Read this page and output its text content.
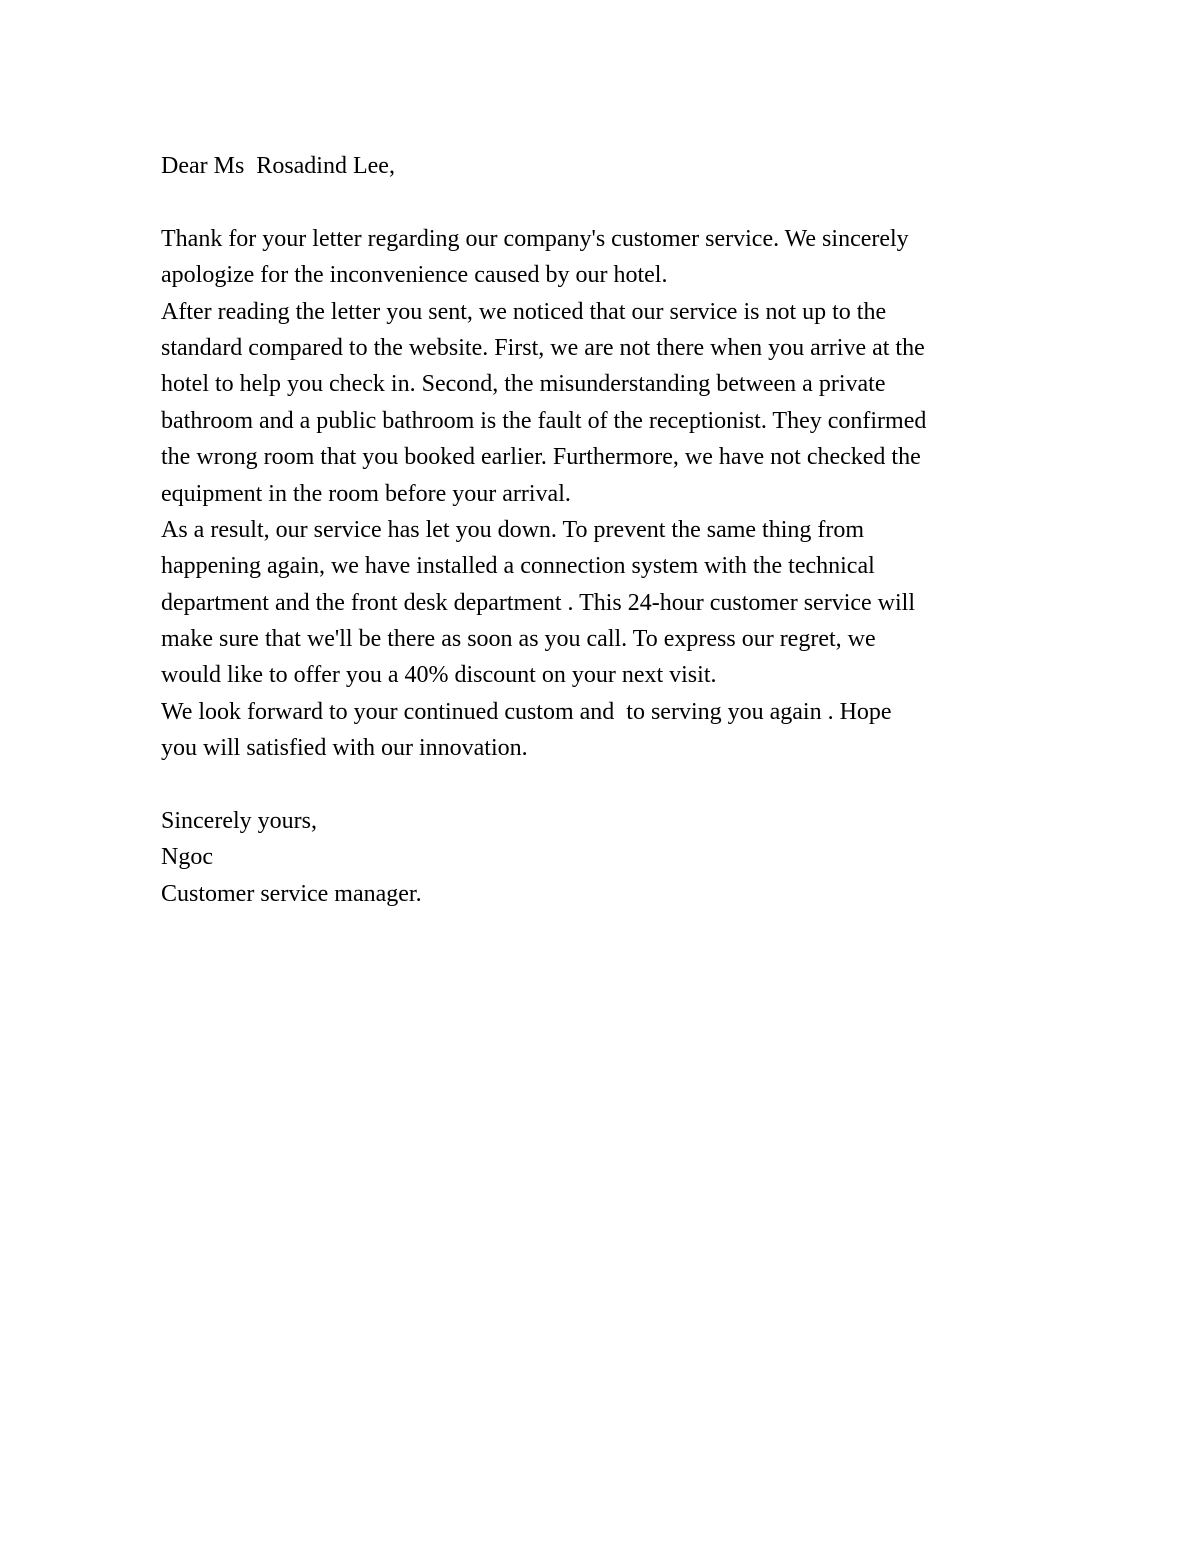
Dear Ms  Rosadind Lee,
Thank for your letter regarding our company's customer service. We sincerely
apologize for the inconvenience caused by our hotel.
After reading the letter you sent, we noticed that our service is not up to the
standard compared to the website. First, we are not there when you arrive at the
hotel to help you check in. Second, the misunderstanding between a private
bathroom and a public bathroom is the fault of the receptionist. They confirmed
the wrong room that you booked earlier. Furthermore, we have not checked the
equipment in the room before your arrival.
As a result, our service has let you down. To prevent the same thing from
happening again, we have installed a connection system with the technical
department and the front desk department . This 24-hour customer service will
make sure that we'll be there as soon as you call. To express our regret, we
would like to offer you a 40% discount on your next visit.
We look forward to your continued custom and  to serving you again . Hope
you will satisfied with our innovation.
Sincerely yours,
Ngoc
Customer service manager.
